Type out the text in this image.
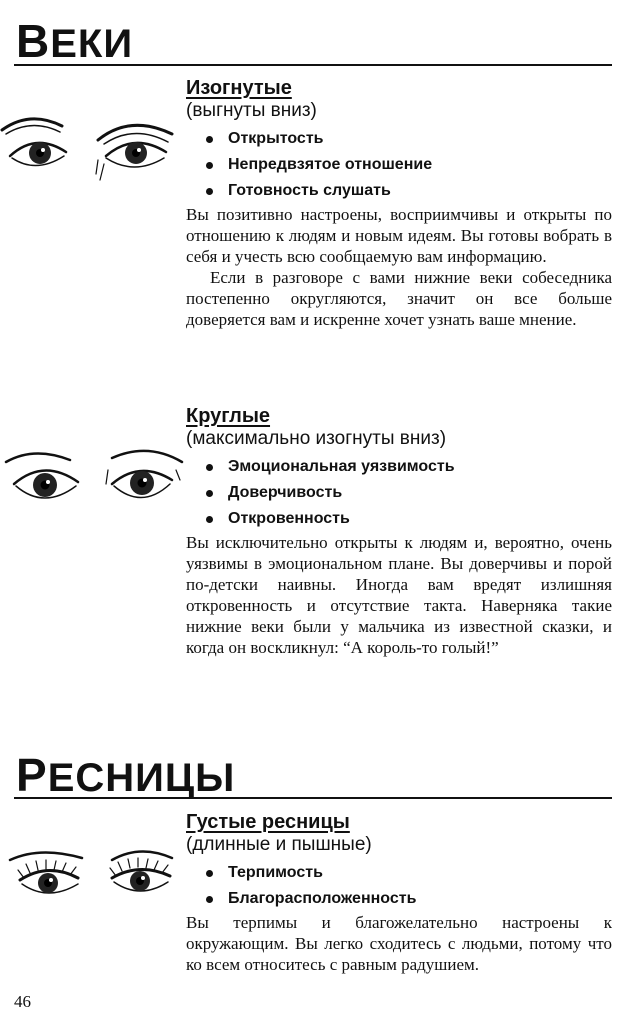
ВЕКИ
Изогнутые
(выгнуты вниз)
Открытость
Непредвзятое отношение
Готовность слушать

Вы позитивно настроены, восприимчивы и открыты по отношению к людям и новым идеям. Вы готовы вобрать в себя и учесть всю сообщаемую вам информацию.

Если в разговоре с вами нижние веки собеседника постепенно округляются, значит он все больше доверяется вам и искренне хочет узнать ваше мнение.

Круглые
(максимально изогнуты вниз)
Эмоциональная уязвимость
Доверчивость
Откровенность

Вы исключительно открыты к людям и, вероятно, очень уязвимы в эмоциональном плане. Вы доверчивы и порой по-детски наивны. Иногда вам вредят излишняя откровенность и отсутствие такта. Наверняка такие нижние веки были у мальчика из известной сказки, и когда он воскликнул: “А король-то голый!”

РЕСНИЦЫ
Густые ресницы
(длинные и пышные)
Терпимость
Благорасположенность

Вы терпимы и благожелательно настроены к окружающим. Вы легко сходитесь с людьми, потому что ко всем относитесь с равным радушием.

46
